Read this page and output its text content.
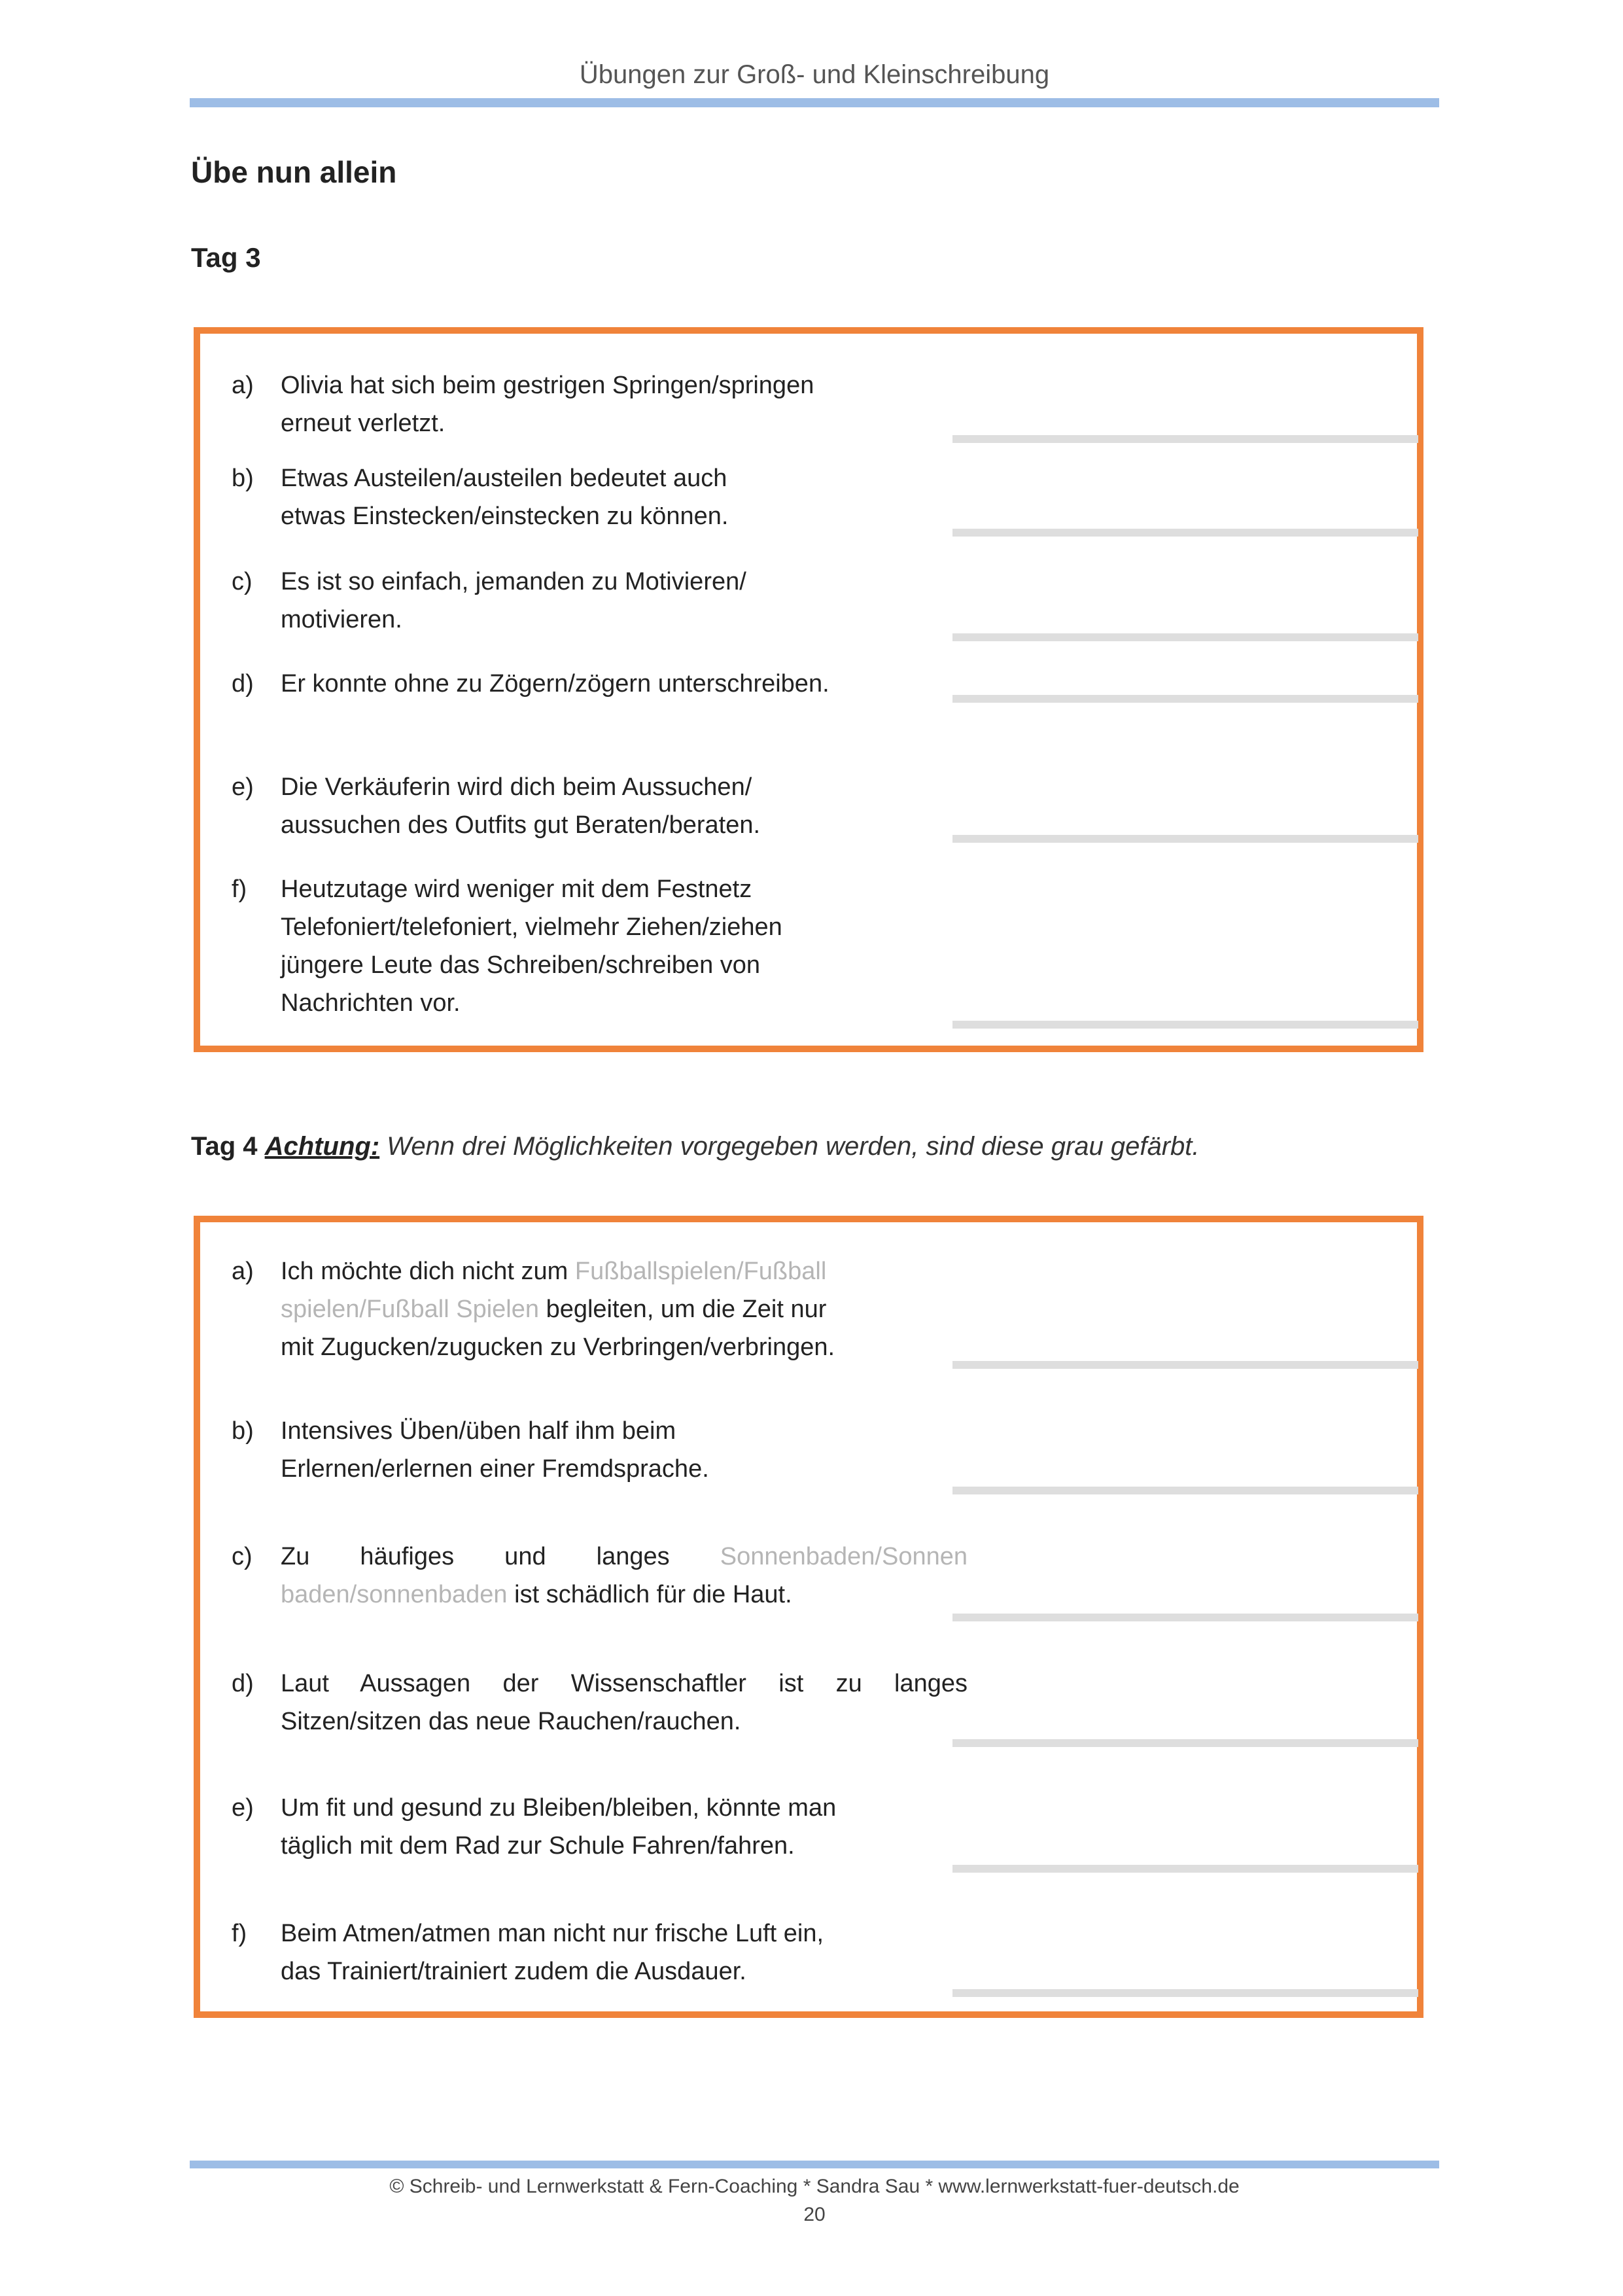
Übungen zur Groß- und Kleinschreibung
Übe nun allein
Tag 3
a)	Olivia hat sich beim gestrigen Springen/springen
erneut verletzt.
b)	Etwas Austeilen/austeilen bedeutet auch
etwas Einstecken/einstecken zu können.
c)	Es ist so einfach, jemanden zu Motivieren/
motivieren.
d)	Er konnte ohne zu Zögern/zögern unterschreiben.
e)	Die Verkäuferin wird dich beim Aussuchen/
aussuchen des Outfits gut Beraten/beraten.
f)	Heutzutage wird weniger mit dem Festnetz
Telefoniert/telefoniert, vielmehr Ziehen/ziehen
jüngere Leute das Schreiben/schreiben von
Nachrichten vor.
Tag 4 Achtung: Wenn drei Möglichkeiten vorgegeben werden, sind diese grau gefärbt.
a)	Ich möchte dich nicht zum Fußballspielen/Fußball
spielen/Fußball Spielen begleiten, um die Zeit nur
mit Zugucken/zugucken zu Verbringen/verbringen.
b)	Intensives Üben/üben half ihm beim
Erlernen/erlernen einer Fremdsprache.
c)	Zu häufiges und langes Sonnenbaden/Sonnen
baden/sonnenbaden ist schädlich für die Haut.
d)	Laut Aussagen der Wissenschaftler ist zu langes
Sitzen/sitzen das neue Rauchen/rauchen.
e)	Um fit und gesund zu Bleiben/bleiben, könnte man
täglich mit dem Rad zur Schule Fahren/fahren.
f)	Beim Atmen/atmen man nicht nur frische Luft ein,
das Trainiert/trainiert zudem die Ausdauer.
© Schreib- und Lernwerkstatt & Fern-Coaching * Sandra Sau * www.lernwerkstatt-fuer-deutsch.de
20
